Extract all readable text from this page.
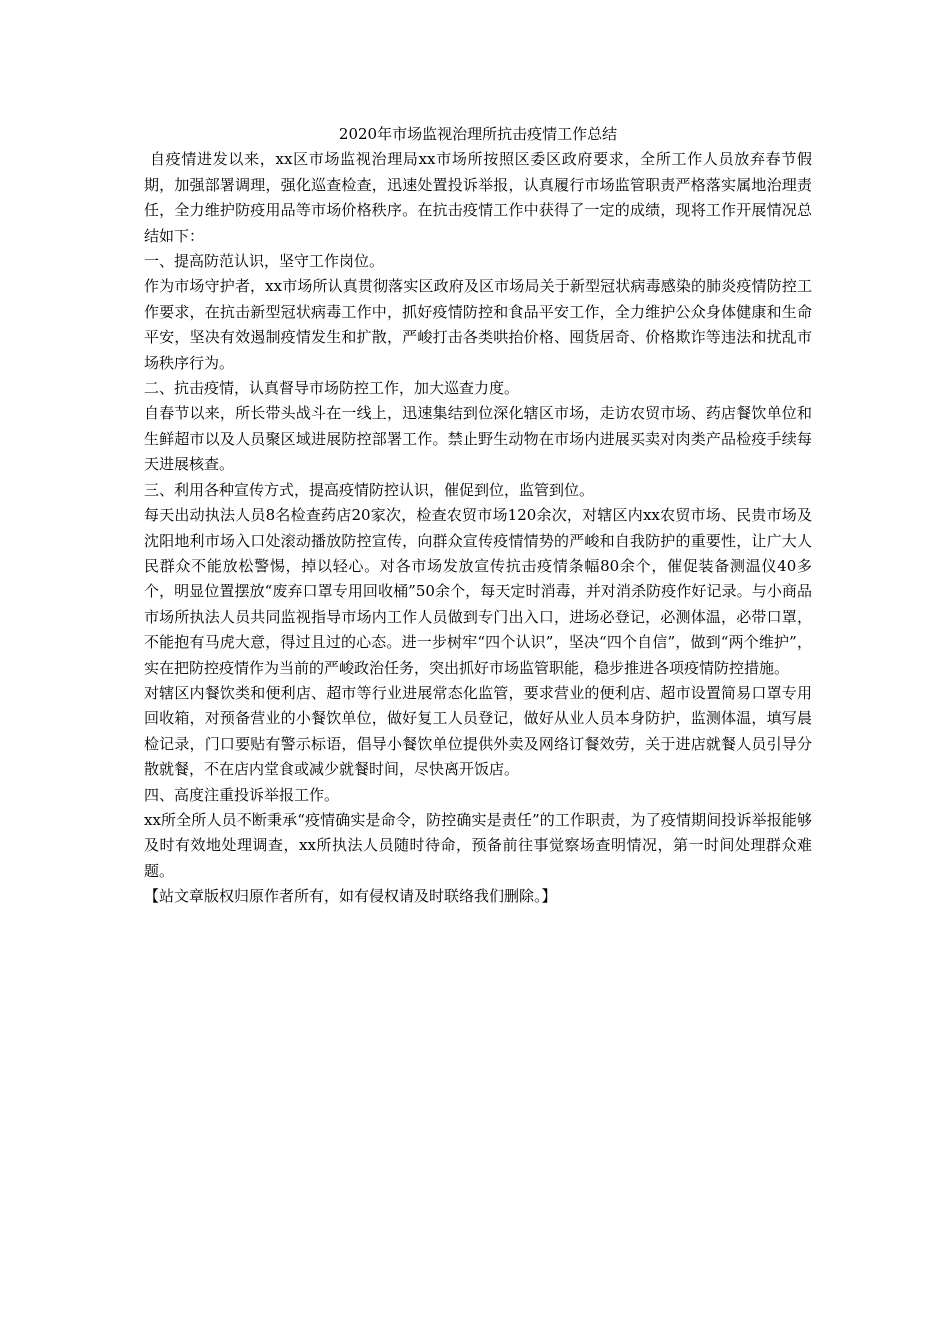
2020年市场监视治理所抗击疫情工作总结

自疫情进发以来，xx区市场监视治理局xx市场所按照区委区政府要求，全所工作人员放弃春节假期，加强部署调理，强化巡查检查，迅速处置投诉举报，认真履行市场监管职责严格落实属地治理责任，全力维护防疫用品等市场价格秩序。在抗击疫情工作中获得了一定的成绩，现将工作开展情况总结如下：

一、提高防范认识，坚守工作岗位。

作为市场守护者，xx市场所认真贯彻落实区政府及区市场局关于新型冠状病毒感染的肺炎疫情防控工作要求，在抗击新型冠状病毒工作中，抓好疫情防控和食品平安工作，全力维护公众身体健康和生命平安，坚决有效遏制疫情发生和扩散，严峻打击各类哄抬价格、囤货居奇、价格欺诈等违法和扰乱市场秩序行为。

二、抗击疫情，认真督导市场防控工作，加大巡查力度。

自春节以来，所长带头战斗在一线上，迅速集结到位深化辖区市场，走访农贸市场、药店餐饮单位和生鲜超市以及人员聚区域进展防控部署工作。禁止野生动物在市场内进展买卖对肉类产品检疫手续每天进展核查。

三、利用各种宣传方式，提高疫情防控认识，催促到位，监管到位。

每天出动执法人员8名检查药店20家次，检查农贸市场120余次，对辖区内xx农贸市场、民贵市场及沈阳地利市场入口处滚动播放防控宣传，向群众宣传疫情情势的严峻和自我防护的重要性，让广大人民群众不能放松警惕，掉以轻心。对各市场发放宣传抗击疫情条幅80余个，催促装备测温仪40多个，明显位置摆放“废弃口罩专用回收桶”50余个，每天定时消毒，并对消杀防疫作好记录。与小商品市场所执法人员共同监视指导市场内工作人员做到专门出入口，进场必登记，必测体温，必带口罩，不能抱有马虎大意，得过且过的心态。进一步树牢“四个认识”，坚决“四个自信”，做到“两个维护”，实在把防控疫情作为当前的严峻政治任务，突出抓好市场监管职能，稳步推进各项疫情防控措施。

对辖区内餐饮类和便利店、超市等行业进展常态化监管，要求营业的便利店、超市设置简易口罩专用回收箱，对预备营业的小餐饮单位，做好复工人员登记，做好从业人员本身防护，监测体温，填写晨检记录，门口要贴有警示标语，倡导小餐饮单位提供外卖及网络订餐效劳，关于进店就餐人员引导分散就餐，不在店内堂食或减少就餐时间，尽快离开饭店。

四、高度注重投诉举报工作。

xx所全所人员不断秉承“疫情确实是命令，防控确实是责任”的工作职责，为了疫情期间投诉举报能够及时有效地处理调查，xx所执法人员随时待命，预备前往事觉察场查明情况，第一时间处理群众难题。

【站文章版权归原作者所有，如有侵权请及时联络我们删除。】
